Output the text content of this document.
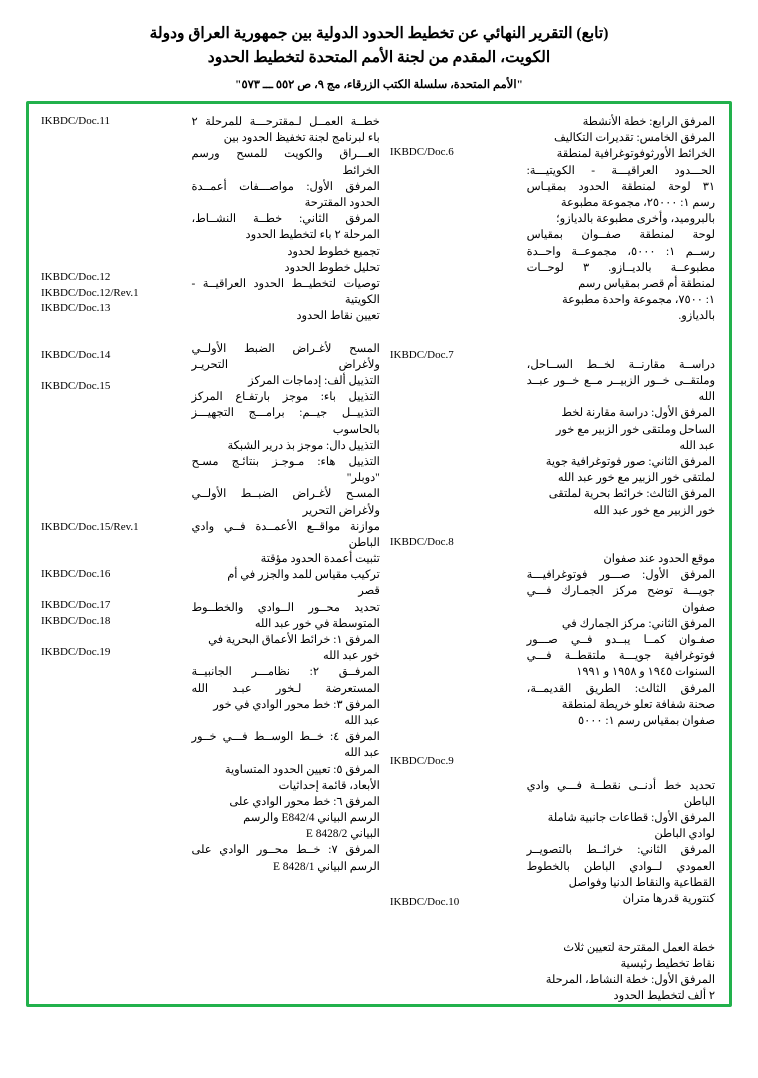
(تابع) التقرير النهائي عن تخطيط الحدود الدولية بين جمهورية العراق ودولة
الكويت، المقدم من لجنة الأمم المتحدة لتخطيط الحدود
"الأمم المتحدة، سلسلة الكتب الزرقاء، مج ٩، ص ٥٥٢ ـــ ٥٧٣"
المرفق الرابع: خطة الأنشطة
المرفق الخامس: تقديرات التكاليف
الخرائط الأورثوفوتوغرافية لمنطقة
الحـــدود العراقيـــة - الكويتيـــة:
٣١ لوحة لمنطقة الحدود بمقيـاس
رسم ١: ٢٥٠٠٠، مجموعة مطبوعة
بالبروميد، وأخرى مطبوعة بالديازو؛
لوحة لمنطقة صفــوان بمقياس
رســم ١: ٥٠٠٠، مجموعــة واحــدة
مطبوعــة بالديــازو. ٣ لوحــات
لمنطقة أم قصر بمقياس رسم
١: ٧٥٠٠، مجموعة واحدة مطبوعة
بالديازو.

دراســة مقارنــة لخــط الســاحل،
وملتقــى خــور الزبيــر مــع خــور عبــد
الله
المرفق الأول: دراسة مقارنة لخط
الساحل وملتقى خور الزبير مع خور
عبد الله
المرفق الثاني: صور فوتوغرافية جوية
لملتقى خور الزبير مع خور عبد الله
المرفق الثالث: خرائط بحرية لملتقى
خور الزبير مع خور عبد الله

موقع الحدود عند صفوان
المرفق الأول: صـــور فوتوغرافيـــة
جويـــة توضح مركز الجمـارك فـــي
صفوان
المرفق الثاني: مركز الجمارك في
صفـوان كمــا يبــدو فــي صـــور
فوتوغرافية جويـــة ملتقطــة فـــي
السنوات ١٩٤٥ و ١٩٥٨ و ١٩٩١
المرفق الثالث: الطريق القديمــة،
صحنة شفافة تعلو خريطة لمنطقة
صفوان بمقياس رسم ١: ٥٠٠٠

تحديد خط أدنــى نقطــة فـــي وادي
الباطن
المرفق الأول: قطاعات جانبية شاملة
لوادي الباطن
المرفق الثاني: خرائــط بالتصويــر
العمودي لــوادي الباطن بالخطوط
القطاعية والنقاط الدنيا وفواصل
كنتورية قدرها متران

خطة العمل المقترحة لتعيين ثلاث
نقاط تخطيط رئيسية
المرفق الأول: خطة النشاط، المرحلة
٢ ألف لتخطيط الحدود

IKBDC/Doc.6

IKBDC/Doc.7

IKBDC/Doc.8

IKBDC/Doc.9

IKBDC/Doc.10

خطــة العمــل لـمقترحـــة للمرحلة ٢
باء لبرنامج لجنة تخفيظ الحدود بين
العـــراق والكويت للمسح ورسم
الخرائط
المرفق الأول: مواصـــفات أعمــدة
الحدود المقترحة
المرفق الثاني: خطــة النشــاط،
المرحلة ٢ باء لتخطيط الحدود
تجميع خطوط لحدود
تحليل خطوط الحدود
توصيات لتخطيــط الحدود العراقيــة -
الكويتية
تعيين نقاط الحدود

المسح لأغـراض الضبط الأولــي
ولأغراض التحريـر
التذييل ألف: إدماجات المركز
التذييل باء: موجز بارتفـاع المركز
التذييــل جيــم: برامـــج التجهيـــز
بالحاسوب
التذييل دال: موجز بذ درير الشبكة
التذييل هاء: مـوجـز بنتائـج مسـح
"دوبلر"
المسـح لأغـراض الضبــط الأولــي
ولأغراض التحرير
موازنة مواقــع الأعمــدة فــي وادي
الباطن
تثبيت أعمدة الحدود مؤقتة
تركيب مقياس للمد والجزر في أم
قصر
تحديد محــور الــوادي والخطــوط
المتوسطة في خور عبد الله
المرفق ١: خرائط الأعماق البحرية في
خور عبد الله
المرفــق ٢: نظامـــر الجانبيــة
المستعرضة لـخور عبـد الله
المرفق ٣: خط محور الوادي في خور
عبد الله
المرفق ٤: خــط الوســط فـــي خــور
عبد الله
المرفق ٥: تعيين الحدود المتساوية
الأبعاد، قائمة إحداثيات
المرفق ٦: خط محور الوادي على
الرسم البياني E842/4 والرسم
البياني E 8428/2
المرفق ٧: خــط محــور الوادي على
الرسم البياني E 8428/1
IKBDC/Doc.11

IKBDC/Doc.12
IKBDC/Doc.12/Rev.1
IKBDC/Doc.13

IKBDC/Doc.14

IKBDC/Doc.15

IKBDC/Doc.15/Rev.1

IKBDC/Doc.16

IKBDC/Doc.17
IKBDC/Doc.18

IKBDC/Doc.19
